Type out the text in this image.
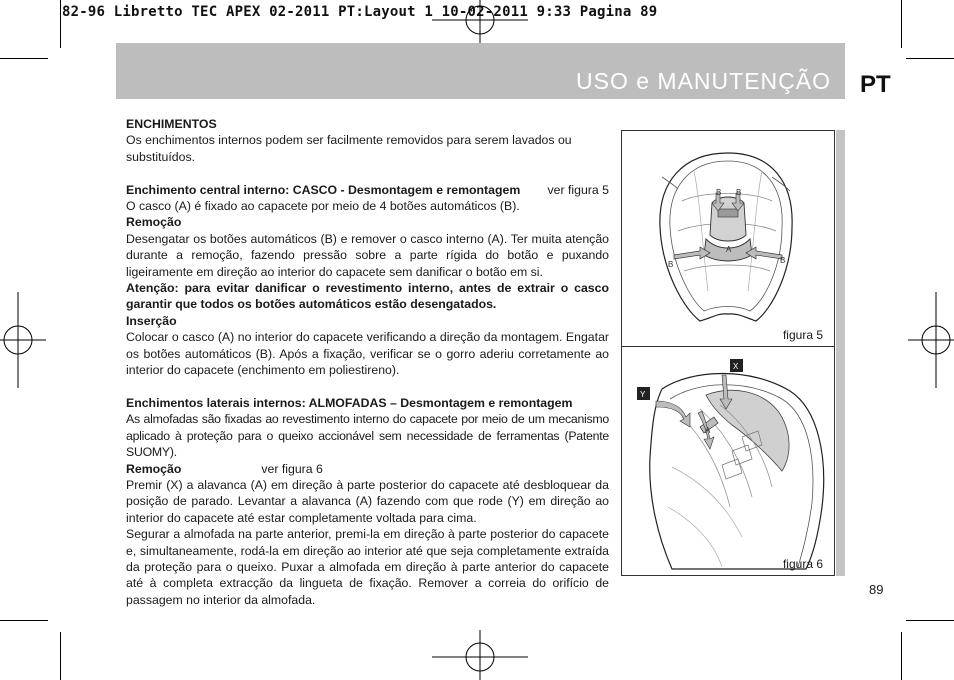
82-96 Libretto TEC APEX 02-2011 PT:Layout 1 10-02-2011 9:33 Pagina 89
USO e MANUTENÇÃO PT

ENCHIMENTOS

Os enchimentos internos podem ser facilmente removidos para serem lavados ou substituídos.

Enchimento central interno: CASCO - Desmontagem e remontagem ver figura 5

O casco (A) é fixado ao capacete por meio de 4 botões automáticos (B).

Remoção

Desengatar os botões automáticos (B) e remover o casco interno (A). Ter muita atenção durante a remoção, fazendo pressão sobre a parte rígida do botão e puxando ligeiramente em direção ao interior do capacete sem danificar o botão em si.

Atenção: para evitar danificar o revestimento interno, antes de extrair o casco garantir que todos os botões automáticos estão desengatados.

Inserção

Colocar o casco (A) no interior do capacete verificando a direção da montagem. Engatar os botões automáticos (B). Após a fixação, verificar se o gorro aderiu corretamente ao interior do capacete (enchimento em poliestireno).

Enchimentos laterais internos: ALMOFADAS – Desmontagem e remontagem

As almofadas são fixadas ao revestimento interno do capacete por meio de um mecanismo aplicado à proteção para o queixo accionável sem necessidade de ferramentas (Patente SUOMY).

Remoção	ver figura 6

Premir (X) a alavanca (A) em direção à parte posterior do capacete até desbloquear da posição de parado. Levantar a alavanca (A) fazendo com que rode (Y) em direção ao interior do capacete até estar completamente voltada para cima.

Segurar a almofada na parte anterior, premi-la em direção à parte posterior do capacete e, simultaneamente, rodá-la em direção ao interior até que seja completamente extraída da proteção para o queixo. Puxar a almofada em direção à parte anterior do capacete até à completa extracção da lingueta de fixação. Remover a correia do orifício de passagem no interior da almofada.

B B
A
B	B
figura 5
X
Y
A
figura 6
89
